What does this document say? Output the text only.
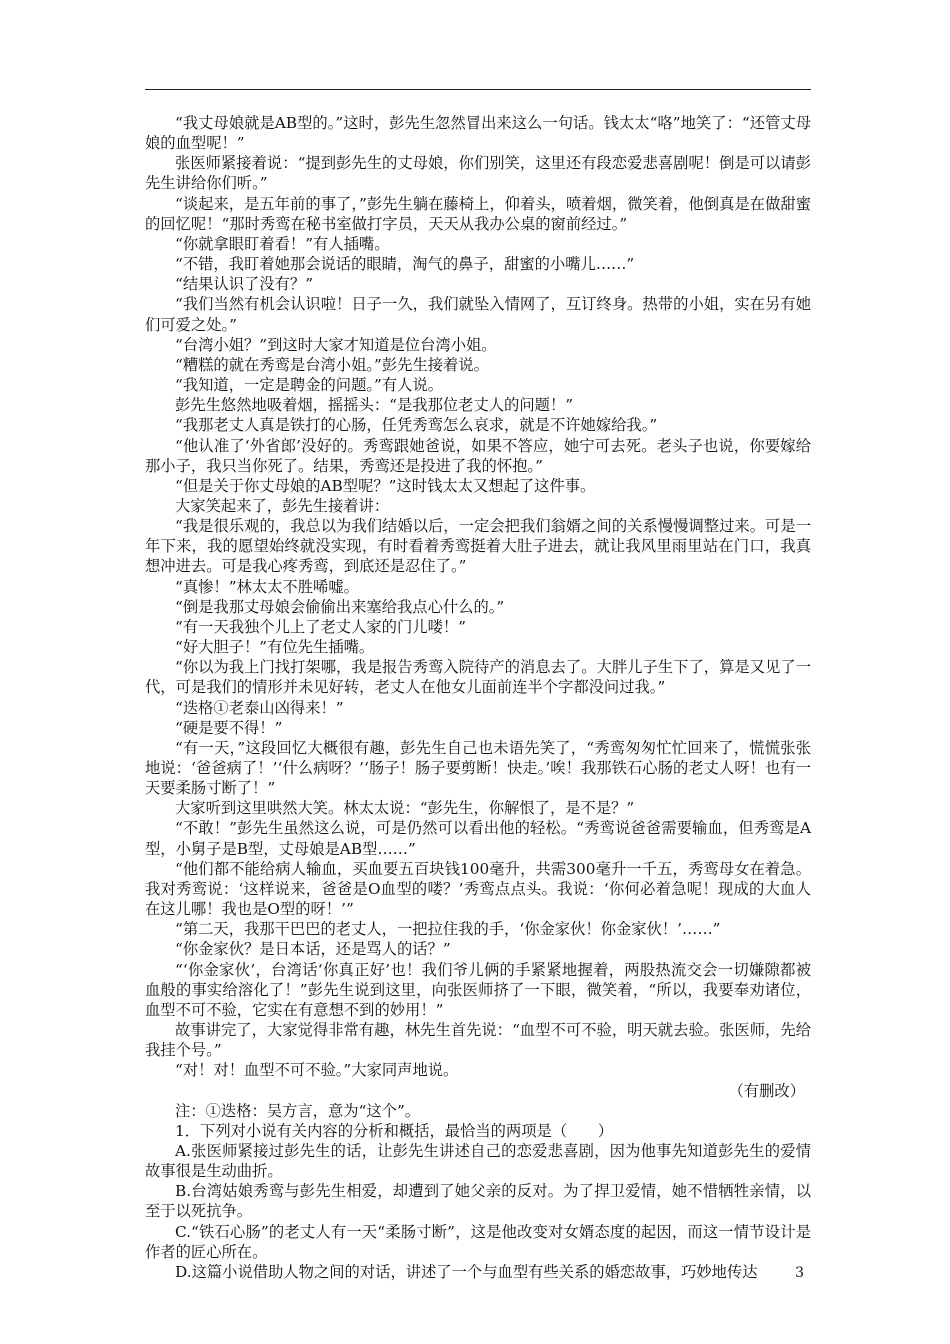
“我丈母娘就是AB型的。”这时，彭先生忽然冒出来这么一句话。钱太太“咯”地笑了：“还管丈母娘的血型呢！”

张医师紧接着说：“提到彭先生的丈母娘，你们别笑，这里还有段恋爱悲喜剧呢！倒是可以请彭先生讲给你们听。”

“谈起来，是五年前的事了，”彭先生躺在藤椅上，仰着头，喷着烟，微笑着，他倒真是在做甜蜜的回忆呢！“那时秀鸾在秘书室做打字员，天天从我办公桌的窗前经过。”

“你就拿眼盯着看！”有人插嘴。

“不错，我盯着她那会说话的眼睛，淘气的鼻子，甜蜜的小嘴儿……”

“结果认识了没有？”

“我们当然有机会认识啦！日子一久，我们就坠入情网了，互订终身。热带的小姐，实在另有她们可爱之处。”

“台湾小姐？”到这时大家才知道是位台湾小姐。

“糟糕的就在秀鸾是台湾小姐。”彭先生接着说。

“我知道，一定是聘金的问题。”有人说。

彭先生悠然地吸着烟，摇摇头：“是我那位老丈人的问题！”

“我那老丈人真是铁打的心肠，任凭秀鸾怎么哀求，就是不许她嫁给我。”

“他认准了‘外省郎’没好的。秀鸾跟她爸说，如果不答应，她宁可去死。老头子也说，你要嫁给那小子，我只当你死了。结果，秀鸾还是投进了我的怀抱。”

“但是关于你丈母娘的AB型呢？”这时钱太太又想起了这件事。

大家笑起来了，彭先生接着讲：

“我是很乐观的，我总以为我们结婚以后，一定会把我们翁婿之间的关系慢慢调整过来。可是一年下来，我的愿望始终就没实现，有时看着秀鸾挺着大肚子进去，就让我风里雨里站在门口，我真想冲进去。可是我心疼秀鸾，到底还是忍住了。”

“真惨！”林太太不胜唏嘘。

“倒是我那丈母娘会偷偷出来塞给我点心什么的。”

“有一天我独个儿上了老丈人家的门儿喽！”

“好大胆子！”有位先生插嘴。

“你以为我上门找打架哪，我是报告秀鸾入院待产的消息去了。大胖儿子生下了，算是又见了一代，可是我们的情形并未见好转，老丈人在他女儿面前连半个字都没问过我。”

“迭格①老泰山凶得来！”

“硬是要不得！”

“有一天，”这段回忆大概很有趣，彭先生自己也未语先笑了，“秀鸾匆匆忙忙回来了，慌慌张张地说：‘爸爸病了！’‘什么病呀？’‘肠子！肠子要剪断！快走。’唉！我那铁石心肠的老丈人呀！也有一天要柔肠寸断了！”

大家听到这里哄然大笑。林太太说：“彭先生，你解恨了，是不是？”

“不敢！”彭先生虽然这么说，可是仍然可以看出他的轻松。“秀鸾说爸爸需要输血，但秀鸾是A型，小舅子是B型，丈母娘是AB型……”

“他们都不能给病人输血，买血要五百块钱100毫升，共需300毫升一千五，秀鸾母女在着急。我对秀鸾说：‘这样说来，爸爸是O血型的喽？’秀鸾点点头。我说：‘你何必着急呢！现成的大血人在这儿哪！我也是O型的呀！’”

“第二天，我那干巴巴的老丈人，一把拉住我的手，‘你金家伙！你金家伙！’……”

“你金家伙？是日本话，还是骂人的话？”

“‘你金家伙’，台湾话‘你真正好’也！我们爷儿俩的手紧紧地握着，两股热流交会一切嫌隙都被血般的事实给溶化了！”彭先生说到这里，向张医师挤了一下眼，微笑着，“所以，我要奉劝诸位，血型不可不验，它实在有意想不到的妙用！”

故事讲完了，大家觉得非常有趣，林先生首先说：“血型不可不验，明天就去验。张医师，先给我挂个号。”

“对！对！血型不可不验。”大家同声地说。

（有删改）

注：①迭格：吴方言，意为“这个”。

1．下列对小说有关内容的分析和概括，最恰当的两项是（　　）

A.张医师紧接过彭先生的话，让彭先生讲述自己的恋爱悲喜剧，因为他事先知道彭先生的爱情故事很是生动曲折。

B.台湾姑娘秀鸾与彭先生相爱，却遭到了她父亲的反对。为了捍卫爱情，她不惜牺牲亲情，以至于以死抗争。

C.“铁石心肠”的老丈人有一天“柔肠寸断”，这是他改变对女婿态度的起因，而这一情节设计是作者的匠心所在。

D.这篇小说借助人物之间的对话，讲述了一个与血型有些关系的婚恋故事，巧妙地传达	3
